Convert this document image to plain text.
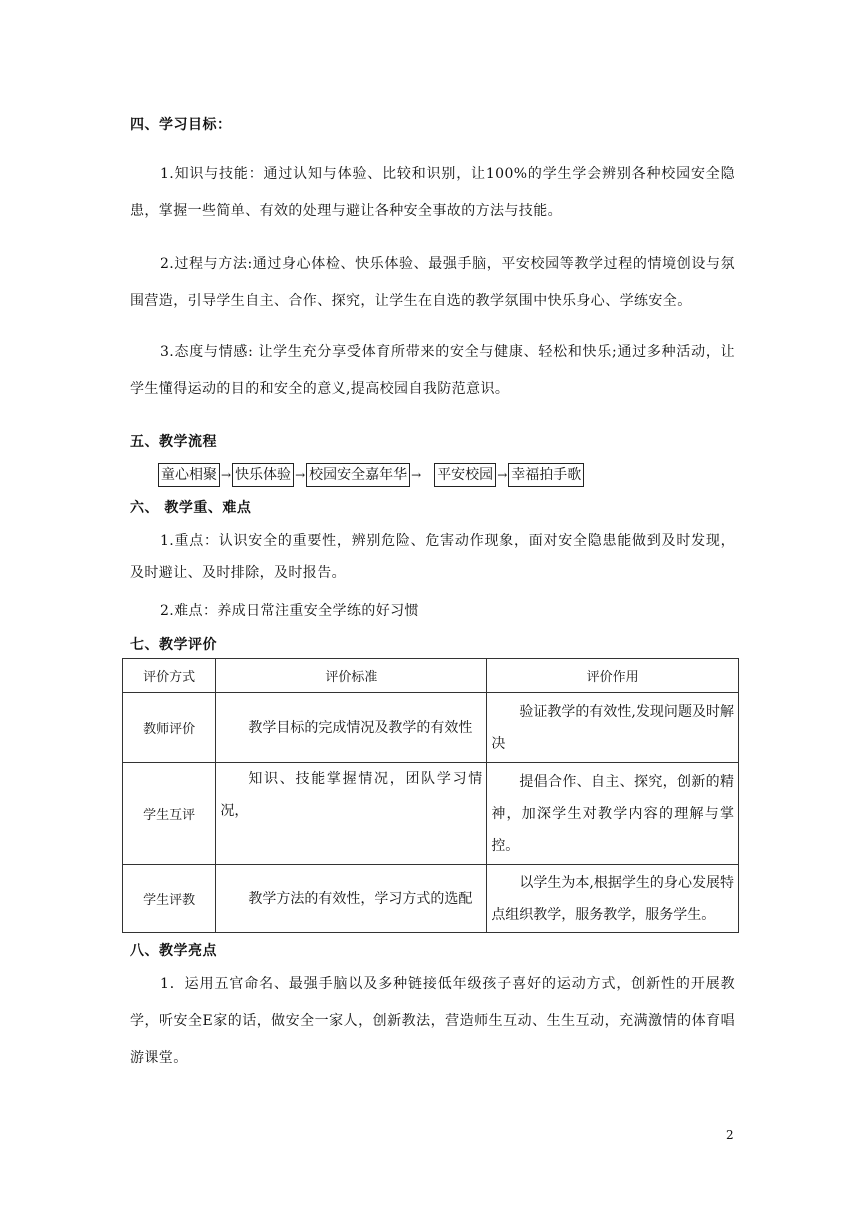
四、学习目标：
1.知识与技能：通过认知与体验、比较和识别，让100%的学生学会辨别各种校园安全隐患，掌握一些简单、有效的处理与避让各种安全事故的方法与技能。
2.过程与方法:通过身心体检、快乐体验、最强手脑，平安校园等教学过程的情境创设与氛围营造，引导学生自主、合作、探究，让学生在自选的教学氛围中快乐身心、学练安全。
3.态度与情感: 让学生充分享受体育所带来的安全与健康、轻松和快乐;通过多种活动，让学生懂得运动的目的和安全的意义,提高校园自我防范意识。
五、教学流程
童心相聚 → 快乐体验 → 校园安全嘉年华 → 平安校园 → 幸福拍手歌
六、 教学重、难点
1.重点：认识安全的重要性，辨别危险、危害动作现象，面对安全隐患能做到及时发现，及时避让、及时排除，及时报告。
2.难点：养成日常注重安全学练的好习惯
七、教学评价
评价方式	评价标准	评价作用
教师评价	教学目标的完成情况及教学的有效性	验证教学的有效性,发现问题及时解决

学生互评	知识、技能掌握情况，团队学习情况，	提倡合作、自主、探究，创新的精神，加深学生对教学内容的理解与掌控。

学生评教	教学方法的有效性，学习方式的选配	以学生为本,根据学生的身心发展特点组织教学，服务教学，服务学生。
八、教学亮点
1．运用五官命名、最强手脑以及多种链接低年级孩子喜好的运动方式，创新性的开展教学，听安全E家的话，做安全一家人，创新教法，营造师生互动、生生互动，充满激情的体育唱游课堂。
2
